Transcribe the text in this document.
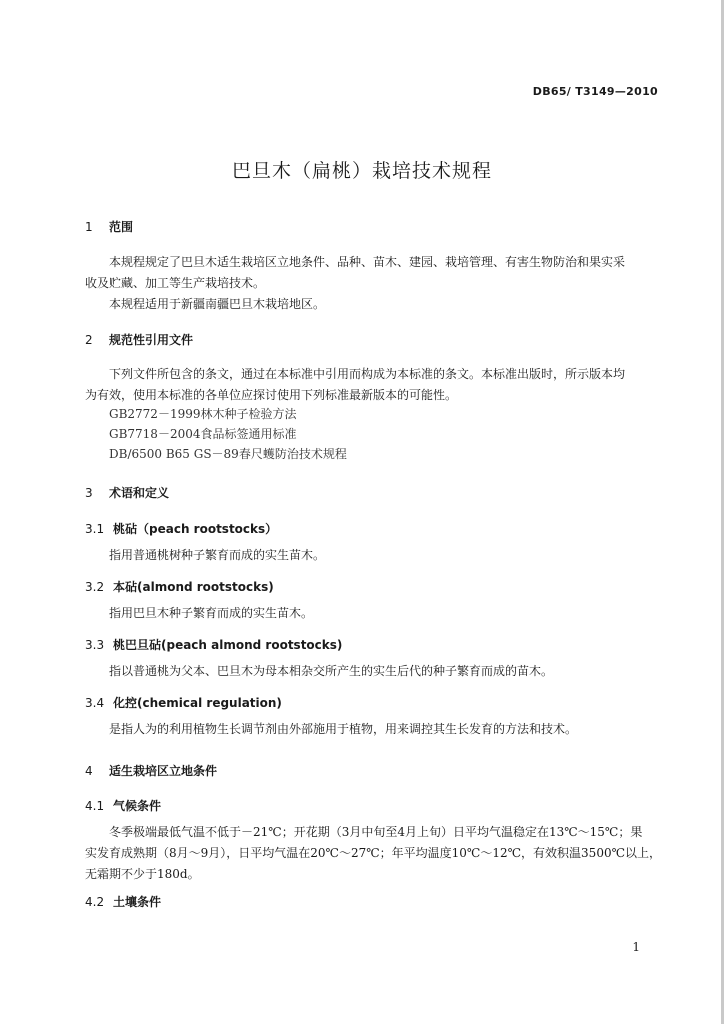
DB65/ T3149—2010
巴旦木（扁桃）栽培技术规程
1 范围
本规程规定了巴旦木适生栽培区立地条件、品种、苗木、建园、栽培管理、有害生物防治和果实采
收及贮藏、加工等生产栽培技术。
本规程适用于新疆南疆巴旦木栽培地区。
2 规范性引用文件
下列文件所包含的条文，通过在本标准中引用而构成为本标准的条文。本标准出版时，所示版本均
为有效，使用本标准的各单位应探讨使用下列标准最新版本的可能性。
GB2772－1999林木种子检验方法
GB7718－2004食品标签通用标准
DB/6500 B65 GS－89春尺蠖防治技术规程
3 术语和定义
3.1 桃砧（peach rootstocks）
指用普通桃树种子繁育而成的实生苗木。
3.2 本砧(almond rootstocks)
指用巴旦木种子繁育而成的实生苗木。
3.3 桃巴旦砧(peach almond rootstocks)
指以普通桃为父本、巴旦木为母本相杂交所产生的实生后代的种子繁育而成的苗木。
3.4 化控(chemical regulation)
是指人为的利用植物生长调节剂由外部施用于植物，用来调控其生长发育的方法和技术。
4 适生栽培区立地条件
4.1 气候条件
冬季极端最低气温不低于－21℃；开花期（3月中旬至4月上旬）日平均气温稳定在13℃～15℃；果
实发育成熟期（8月～9月），日平均气温在20℃～27℃；年平均温度10℃～12℃，有效积温3500℃以上，
无霜期不少于180d。
4.2 土壤条件
1
